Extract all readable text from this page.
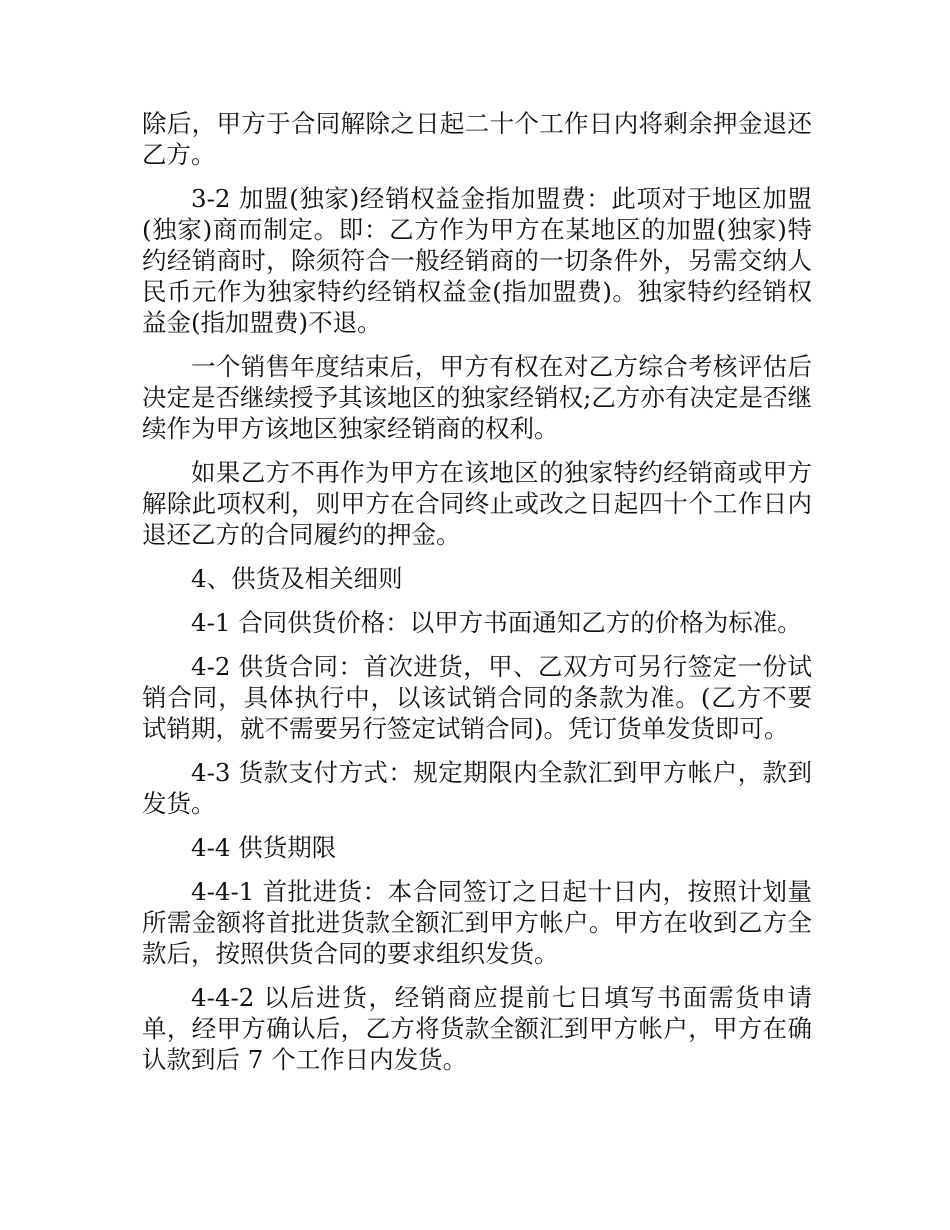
除后，甲方于合同解除之日起二十个工作日内将剩余押金退还乙方。

3-2 加盟(独家)经销权益金指加盟费：此项对于地区加盟(独家)商而制定。即：乙方作为甲方在某地区的加盟(独家)特约经销商时，除须符合一般经销商的一切条件外，另需交纳人民币元作为独家特约经销权益金(指加盟费)。独家特约经销权益金(指加盟费)不退。

一个销售年度结束后，甲方有权在对乙方综合考核评估后决定是否继续授予其该地区的独家经销权;乙方亦有决定是否继续作为甲方该地区独家经销商的权利。

如果乙方不再作为甲方在该地区的独家特约经销商或甲方解除此项权利，则甲方在合同终止或改之日起四十个工作日内退还乙方的合同履约的押金。

4、供货及相关细则

4-1 合同供货价格：以甲方书面通知乙方的价格为标准。

4-2 供货合同：首次进货，甲、乙双方可另行签定一份试销合同，具体执行中，以该试销合同的条款为准。(乙方不要试销期，就不需要另行签定试销合同)。凭订货单发货即可。

4-3 货款支付方式：规定期限内全款汇到甲方帐户，款到发货。

4-4 供货期限

4-4-1 首批进货：本合同签订之日起十日内，按照计划量所需金额将首批进货款全额汇到甲方帐户。甲方在收到乙方全款后，按照供货合同的要求组织发货。

4-4-2 以后进货，经销商应提前七日填写书面需货申请单，经甲方确认后，乙方将货款全额汇到甲方帐户，甲方在确认款到后 7 个工作日内发货。
